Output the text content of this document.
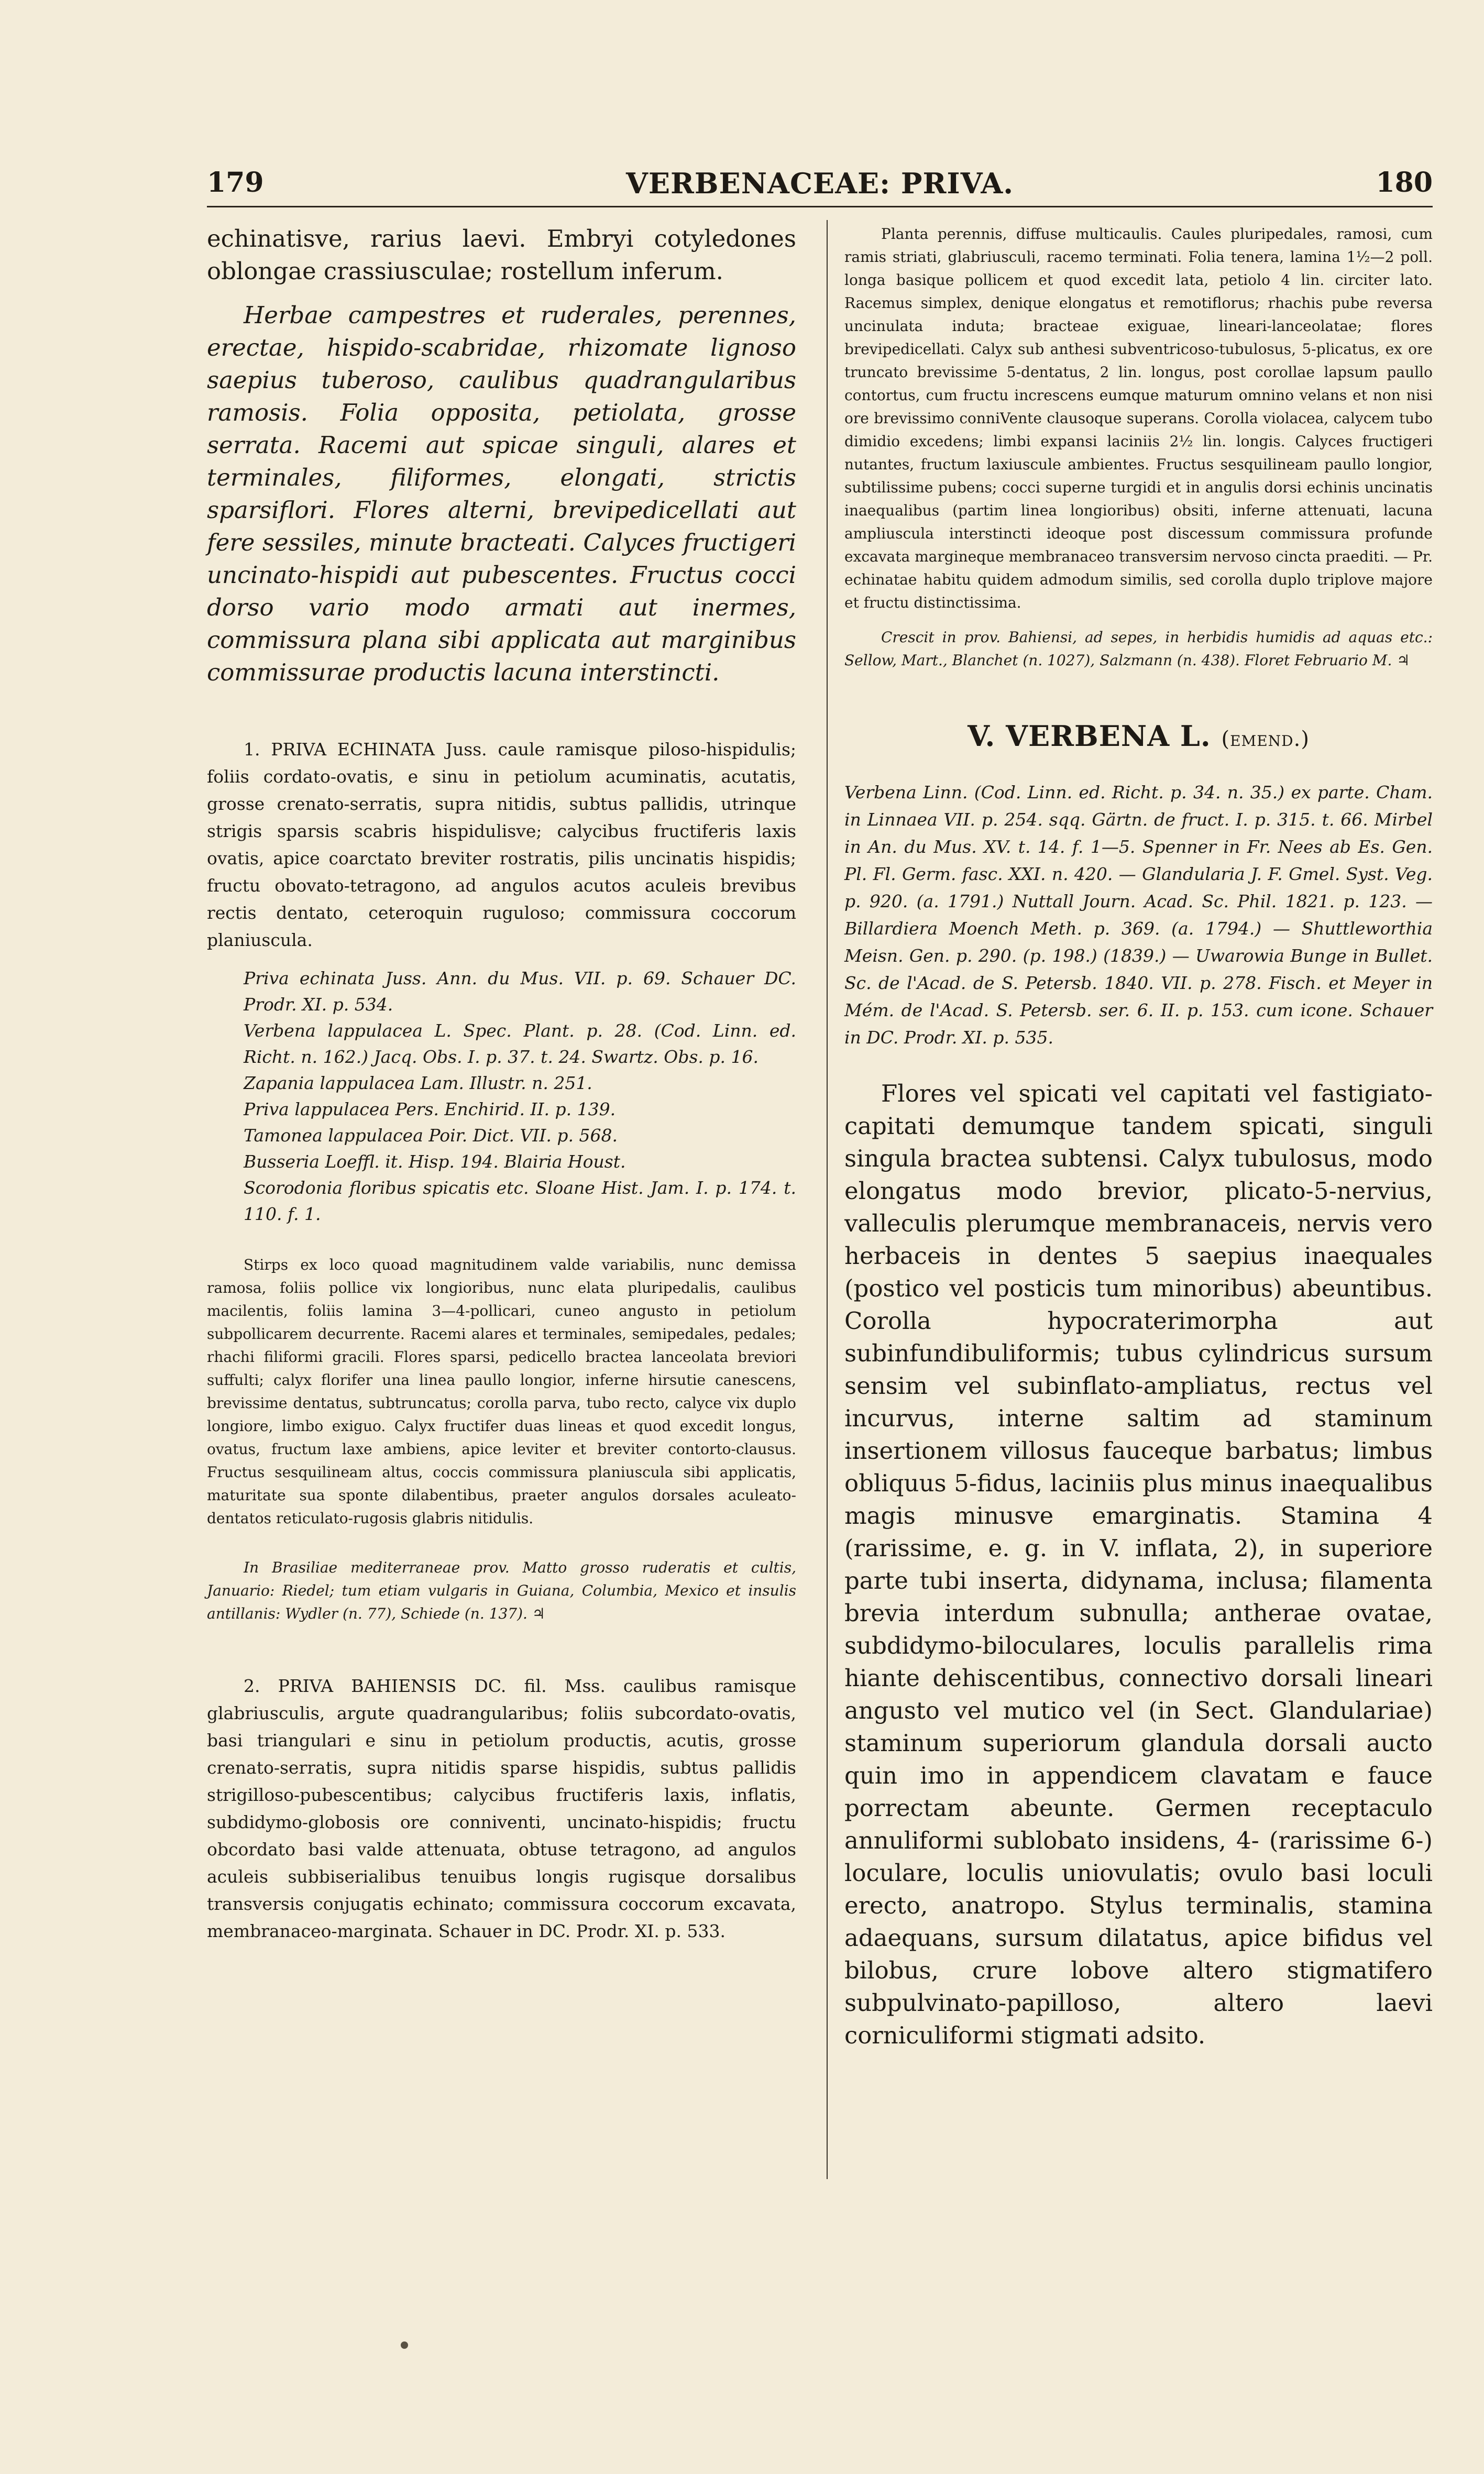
179	VERBENACEAE: PRIVA.	180

echinatisve, rarius laevi. Embryi cotyledones oblongae crassiusculae; rostellum inferum.

Herbae campestres et ruderales, perennes, erectae, hispido-scabridae, rhizomate lignoso saepius tuberoso, caulibus quadrangularibus ramosis. Folia opposita, petiolata, grosse serrata. Racemi aut spicae singuli, alares et terminales, filiformes, elongati, strictis sparsiflori. Flores alterni, brevipedicellati aut fere sessiles, minute bracteati. Calyces fructigeri uncinato-hispidi aut pubescentes. Fructus cocci dorso vario modo armati aut inermes, commissura plana sibi applicata aut marginibus commissurae productis lacuna interstincti.

1. PRIVA ECHINATA Juss. caule ramisque piloso-hispidulis; foliis cordato-ovatis, e sinu in petiolum acuminatis, acutatis, grosse crenato-serratis, supra nitidis, subtus pallidis, utrinque strigis sparsis scabris hispidulisve; calycibus fructiferis laxis ovatis, apice coarctato breviter rostratis, pilis uncinatis hispidis; fructu obovato-tetragono, ad angulos acutos aculeis brevibus rectis dentato, ceteroquin ruguloso; commissura coccorum planiuscula.

Priva echinata Juss. Ann. du Mus. VII. p. 69. Schauer DC. Prodr. XI. p. 534.

Verbena lappulacea L. Spec. Plant. p. 28. (Cod. Linn. ed. Richt. n. 162.) Jacq. Obs. I. p. 37. t. 24. Swartz. Obs. p. 16.

Zapania lappulacea Lam. Illustr. n. 251.

Priva lappulacea Pers. Enchirid. II. p. 139.

Tamonea lappulacea Poir. Dict. VII. p. 568.

Busseria Loeffl. it. Hisp. 194. Blairia Houst.

Scorodonia floribus spicatis etc. Sloane Hist. Jam. I. p. 174. t. 110. f. 1.

Stirps ex loco quoad magnitudinem valde variabilis, nunc demissa ramosa, foliis pollice vix longioribus, nunc elata pluripedalis, caulibus macilentis, foliis lamina 3—4-pollicari, cuneo angusto in petiolum subpollicarem decurrente. Racemi alares et terminales, semipedales, pedales; rhachi filiformi gracili. Flores sparsi, pedicello bractea lanceolata breviori suffulti; calyx florifer una linea paullo longior, inferne hirsutie canescens, brevissime dentatus, subtruncatus; corolla parva, tubo recto, calyce vix duplo longiore, limbo exiguo. Calyx fructifer duas lineas et quod excedit longus, ovatus, fructum laxe ambiens, apice leviter et breviter contorto-clausus. Fructus sesquilineam altus, coccis commissura planiuscula sibi applicatis, maturitate sua sponte dilabentibus, praeter angulos dorsales aculeato-dentatos reticulato-rugosis glabris nitidulis.

In Brasiliae mediterraneae prov. Matto grosso ruderatis et cultis, Januario: Riedel; tum etiam vulgaris in Guiana, Columbia, Mexico et insulis antillanis: Wydler (n. 77), Schiede (n. 137). ♃

2. PRIVA BAHIENSIS DC. fil. Mss. caulibus ramisque glabriusculis, argute quadrangularibus; foliis subcordato-ovatis, basi triangulari e sinu in petiolum productis, acutis, grosse crenato-serratis, supra nitidis sparse hispidis, subtus pallidis strigilloso-pubescentibus; calycibus fructiferis laxis, inflatis, subdidymo-globosis ore conniventi, uncinato-hispidis; fructu obcordato basi valde attenuata, obtuse tetragono, ad angulos aculeis subbiserialibus tenuibus longis rugisque dorsalibus transversis conjugatis echinato; commissura coccorum excavata, membranaceo-marginata. Schauer in DC. Prodr. XI. p. 533.

Planta perennis, diffuse multicaulis. Caules pluripedales, ramosi, cum ramis striati, glabriusculi, racemo terminati. Folia tenera, lamina 1½—2 poll. longa basique pollicem et quod excedit lata, petiolo 4 lin. circiter lato. Racemus simplex, denique elongatus et remotiflorus; rhachis pube reversa uncinulata induta; bracteae exiguae, lineari-lanceolatae; flores brevipedicellati. Calyx sub anthesi subventricoso-tubulosus, 5-plicatus, ex ore truncato brevissime 5-dentatus, 2 lin. longus, post corollae lapsum paullo contortus, cum fructu increscens eumque maturum omnino velans et non nisi ore brevissimo conniVente clausoque superans. Corolla violacea, calycem tubo dimidio excedens; limbi expansi laciniis 2½ lin. longis. Calyces fructigeri nutantes, fructum laxiuscule ambientes. Fructus sesquilineam paullo longior, subtilissime pubens; cocci superne turgidi et in angulis dorsi echinis uncinatis inaequalibus (partim linea longioribus) obsiti, inferne attenuati, lacuna ampliuscula interstincti ideoque post discessum commissura profunde excavata margineque membranaceo transversim nervoso cincta praediti. — Pr. echinatae habitu quidem admodum similis, sed corolla duplo triplove majore et fructu distinctissima.

Crescit in prov. Bahiensi, ad sepes, in herbidis humidis ad aquas etc.: Sellow, Mart., Blanchet (n. 1027), Salzmann (n. 438). Floret Februario M. ♃

V. VERBENA L. (emend.)

Verbena Linn. (Cod. Linn. ed. Richt. p. 34. n. 35.) ex parte. Cham. in Linnaea VII. p. 254. sqq. Gärtn. de fruct. I. p. 315. t. 66. Mirbel in An. du Mus. XV. t. 14. f. 1—5. Spenner in Fr. Nees ab Es. Gen. Pl. Fl. Germ. fasc. XXI. n. 420. — Glandularia J. F. Gmel. Syst. Veg. p. 920. (a. 1791.) Nuttall Journ. Acad. Sc. Phil. 1821. p. 123. — Billardiera Moench Meth. p. 369. (a. 1794.) — Shuttleworthia Meisn. Gen. p. 290. (p. 198.) (1839.) — Uwarowia Bunge in Bullet. Sc. de l'Acad. de S. Petersb. 1840. VII. p. 278. Fisch. et Meyer in Mém. de l'Acad. S. Petersb. ser. 6. II. p. 153. cum icone. Schauer in DC. Prodr. XI. p. 535.

Flores vel spicati vel capitati vel fastigiato-capitati demumque tandem spicati, singuli singula bractea subtensi. Calyx tubulosus, modo elongatus modo brevior, plicato-5-nervius, valleculis plerumque membranaceis, nervis vero herbaceis in dentes 5 saepius inaequales (postico vel posticis tum minoribus) abeuntibus. Corolla hypocraterimorpha aut subinfundibuliformis; tubus cylindricus sursum sensim vel subinflato-ampliatus, rectus vel incurvus, interne saltim ad staminum insertionem villosus fauceque barbatus; limbus obliquus 5-fidus, laciniis plus minus inaequalibus magis minusve emarginatis. Stamina 4 (rarissime, e. g. in V. inflata, 2), in superiore parte tubi inserta, didynama, inclusa; filamenta brevia interdum subnulla; antherae ovatae, subdidymo-biloculares, loculis parallelis rima hiante dehiscentibus, connectivo dorsali lineari angusto vel mutico vel (in Sect. Glandulariae) staminum superiorum glandula dorsali aucto quin imo in appendicem clavatam e fauce porrectam abeunte. Germen receptaculo annuliformi sublobato insidens, 4- (rarissime 6-) loculare, loculis uniovulatis; ovulo basi loculi erecto, anatropo. Stylus terminalis, stamina adaequans, sursum dilatatus, apice bifidus vel bilobus, crure lobove altero stigmatifero subpulvinato-papilloso, altero laevi corniculiformi stigmati adsito.
